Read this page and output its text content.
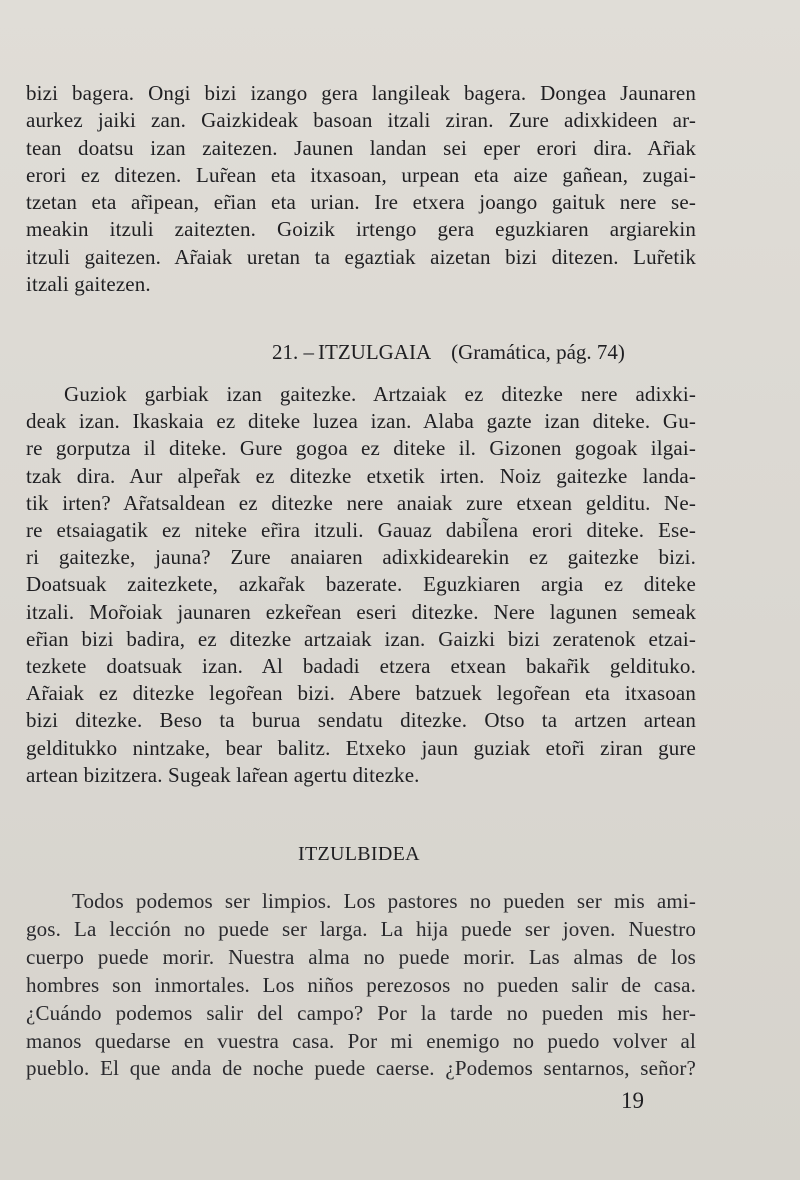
bizi bagera. Ongi bizi izango gera langileak bagera. Dongea Jaunaren
aurkez jaiki zan. Gaizkideak basoan itzali ziran. Zure adixkideen ar-
tean doatsu izan zaitezen. Jaunen landan sei eper erori dira. Ar̃iak
erori ez ditezen. Lur̃ean eta itxasoan, urpean eta aize gañean, zugai-
tzetan eta ar̃ipean, er̃ian eta urian. Ire etxera joango gaituk nere se-
meakin itzuli zaitezten. Goizik irtengo gera eguzkiaren argiarekin
itzuli gaitezen. Ar̃aiak uretan ta egaztiak aizetan bizi ditezen. Lur̃etik
itzali gaitezen.

21. – ITZULGAIA (Gramática, pág. 74)

Guziok garbiak izan gaitezke. Artzaiak ez ditezke nere adixki-
deak izan. Ikaskaia ez diteke luzea izan. Alaba gazte izan diteke. Gu-
re gorputza il diteke. Gure gogoa ez diteke il. Gizonen gogoak ilgai-
tzak dira. Aur alper̃ak ez ditezke etxetik irten. Noiz gaitezke landa-
tik irten? Ar̃atsaldean ez ditezke nere anaiak zure etxean gelditu. Ne-
re etsaiagatik ez niteke er̃ira itzuli. Gauaz dabil̃ena erori diteke. Ese-
ri gaitezke, jauna? Zure anaiaren adixkidearekin ez gaitezke bizi.
Doatsuak zaitezkete, azkar̃ak bazerate. Eguzkiaren argia ez diteke
itzali. Mor̃oiak jaunaren ezker̃ean eseri ditezke. Nere lagunen semeak
er̃ian bizi badira, ez ditezke artzaiak izan. Gaizki bizi zeratenok etzai-
tezkete doatsuak izan. Al badadi etzera etxean bakar̃ik geldituko.
Ar̃aiak ez ditezke legor̃ean bizi. Abere batzuek legor̃ean eta itxasoan
bizi ditezke. Beso ta burua sendatu ditezke. Otso ta artzen artean
gelditukko nintzake, bear balitz. Etxeko jaun guziak etor̃i ziran gure
artean bizitzera. Sugeak lar̃ean agertu ditezke.

ITZULBIDEA

Todos podemos ser limpios. Los pastores no pueden ser mis ami-
gos. La lección no puede ser larga. La hija puede ser joven. Nuestro
cuerpo puede morir. Nuestra alma no puede morir. Las almas de los
hombres son inmortales. Los niños perezosos no pueden salir de casa.
¿Cuándo podemos salir del campo? Por la tarde no pueden mis her-
manos quedarse en vuestra casa. Por mi enemigo no puedo volver al
pueblo. El que anda de noche puede caerse. ¿Podemos sentarnos, señor?

19
